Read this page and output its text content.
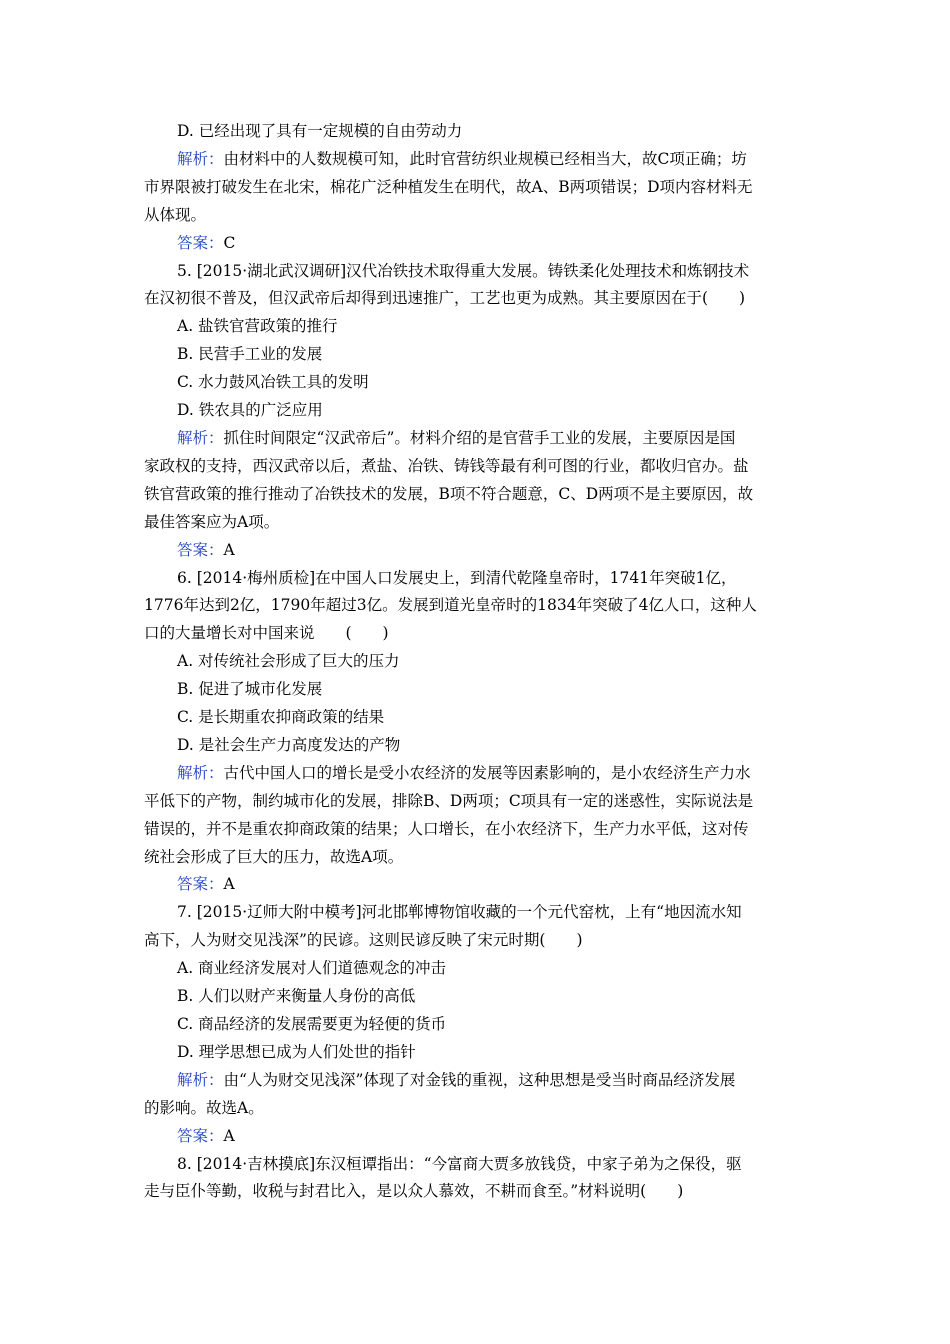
D. 已经出现了具有一定规模的自由劳动力
解析：由材料中的人数规模可知，此时官营纺织业规模已经相当大，故C项正确；坊
市界限被打破发生在北宋，棉花广泛种植发生在明代，故A、B两项错误；D项内容材料无
从体现。
答案：C
5. [2015·湖北武汉调研]汉代冶铁技术取得重大发展。铸铁柔化处理技术和炼钢技术
在汉初很不普及，但汉武帝后却得到迅速推广，工艺也更为成熟。其主要原因在于(　　)
A. 盐铁官营政策的推行
B. 民营手工业的发展
C. 水力鼓风冶铁工具的发明
D. 铁农具的广泛应用
解析：抓住时间限定“汉武帝后”。材料介绍的是官营手工业的发展，主要原因是国
家政权的支持，西汉武帝以后，煮盐、冶铁、铸钱等最有利可图的行业，都收归官办。盐
铁官营政策的推行推动了冶铁技术的发展，B项不符合题意，C、D两项不是主要原因，故
最佳答案应为A项。
答案：A
6. [2014·梅州质检]在中国人口发展史上，到清代乾隆皇帝时，1741年突破1亿，
1776年达到2亿，1790年超过3亿。发展到道光皇帝时的1834年突破了4亿人口，这种人
口的大量增长对中国来说　　(　　)
A. 对传统社会形成了巨大的压力
B. 促进了城市化发展
C. 是长期重农抑商政策的结果
D. 是社会生产力高度发达的产物
解析：古代中国人口的增长是受小农经济的发展等因素影响的，是小农经济生产力水
平低下的产物，制约城市化的发展，排除B、D两项；C项具有一定的迷惑性，实际说法是
错误的，并不是重农抑商政策的结果；人口增长，在小农经济下，生产力水平低，这对传
统社会形成了巨大的压力，故选A项。
答案：A
7. [2015·辽师大附中模考]河北邯郸博物馆收藏的一个元代窑枕，上有“地因流水知
高下，人为财交见浅深”的民谚。这则民谚反映了宋元时期(　　)
A. 商业经济发展对人们道德观念的冲击
B. 人们以财产来衡量人身份的高低
C. 商品经济的发展需要更为轻便的货币
D. 理学思想已成为人们处世的指针
解析：由“人为财交见浅深”体现了对金钱的重视，这种思想是受当时商品经济发展
的影响。故选A。
答案：A
8. [2014·吉林摸底]东汉桓谭指出：“今富商大贾多放钱贷，中家子弟为之保役，驱
走与臣仆等勤，收税与封君比入，是以众人慕效，不耕而食至。”材料说明(　　)
